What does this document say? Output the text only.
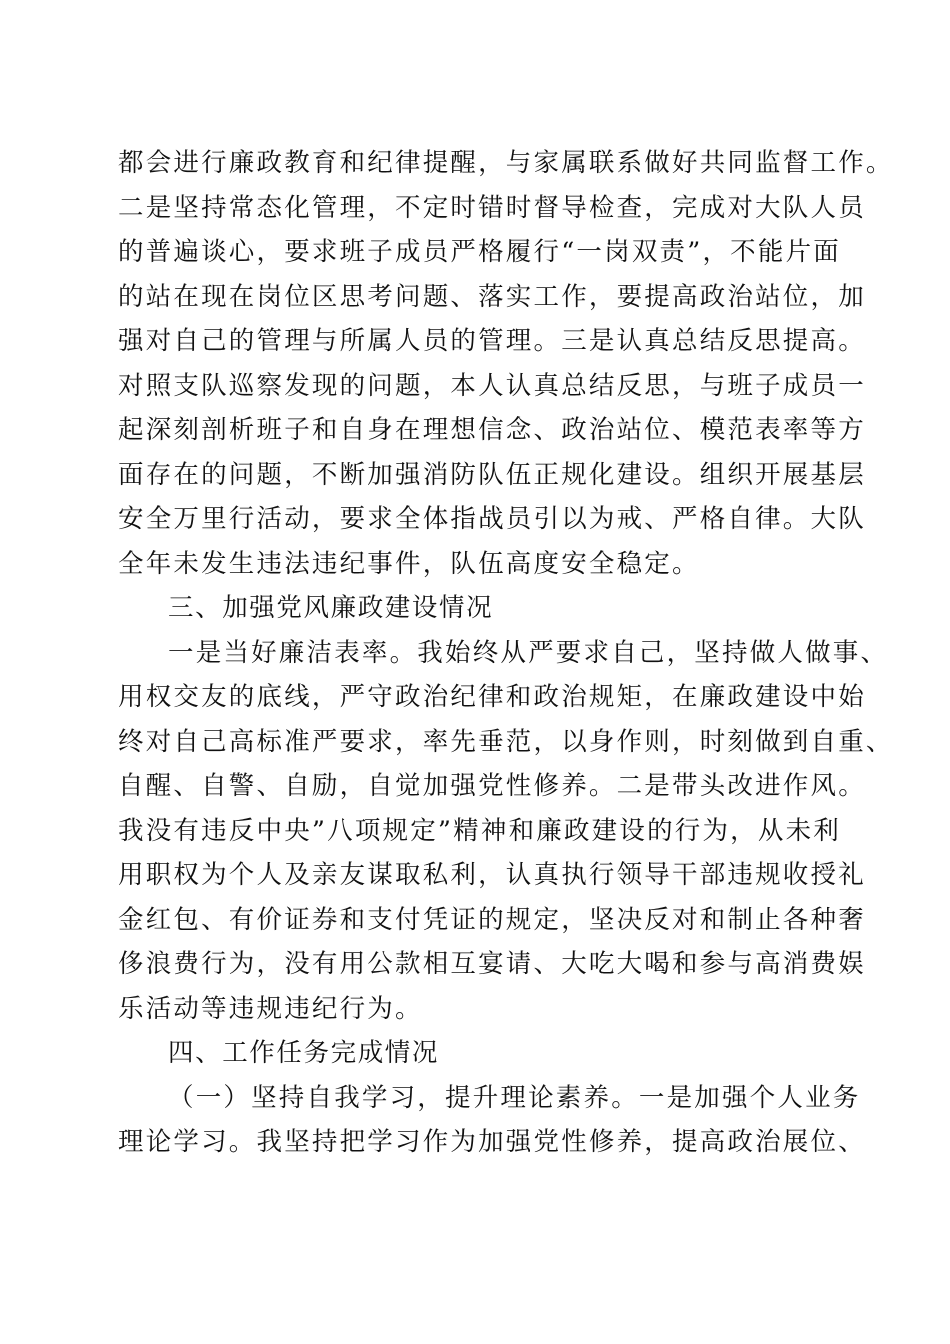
都会进行廉政教育和纪律提醒，与家属联系做好共同监督工作。
二是坚持常态化管理，不定时错时督导检查，完成对大队人员
的普遍谈心，要求班子成员严格履行“一岗双责”，不能片面
的站在现在岗位区思考问题、落实工作，要提高政治站位，加
强对自己的管理与所属人员的管理。三是认真总结反思提高。
对照支队巡察发现的问题，本人认真总结反思，与班子成员一
起深刻剖析班子和自身在理想信念、政治站位、模范表率等方
面存在的问题，不断加强消防队伍正规化建设。组织开展基层
安全万里行活动，要求全体指战员引以为戒、严格自律。大队
全年未发生违法违纪事件，队伍高度安全稳定。
三、加强党风廉政建设情况
一是当好廉洁表率。我始终从严要求自己，坚持做人做事、
用权交友的底线，严守政治纪律和政治规矩，在廉政建设中始
终对自己高标准严要求，率先垂范，以身作则，时刻做到自重、
自醒、自警、自励，自觉加强党性修养。二是带头改进作风。
我没有违反中央”八项规定”精神和廉政建设的行为，从未利
用职权为个人及亲友谋取私利，认真执行领导干部违规收授礼
金红包、有价证券和支付凭证的规定，坚决反对和制止各种奢
侈浪费行为，没有用公款相互宴请、大吃大喝和参与高消费娱
乐活动等违规违纪行为。
四、工作任务完成情况
（一）坚持自我学习，提升理论素养。一是加强个人业务
理论学习。我坚持把学习作为加强党性修养，提高政治展位、
